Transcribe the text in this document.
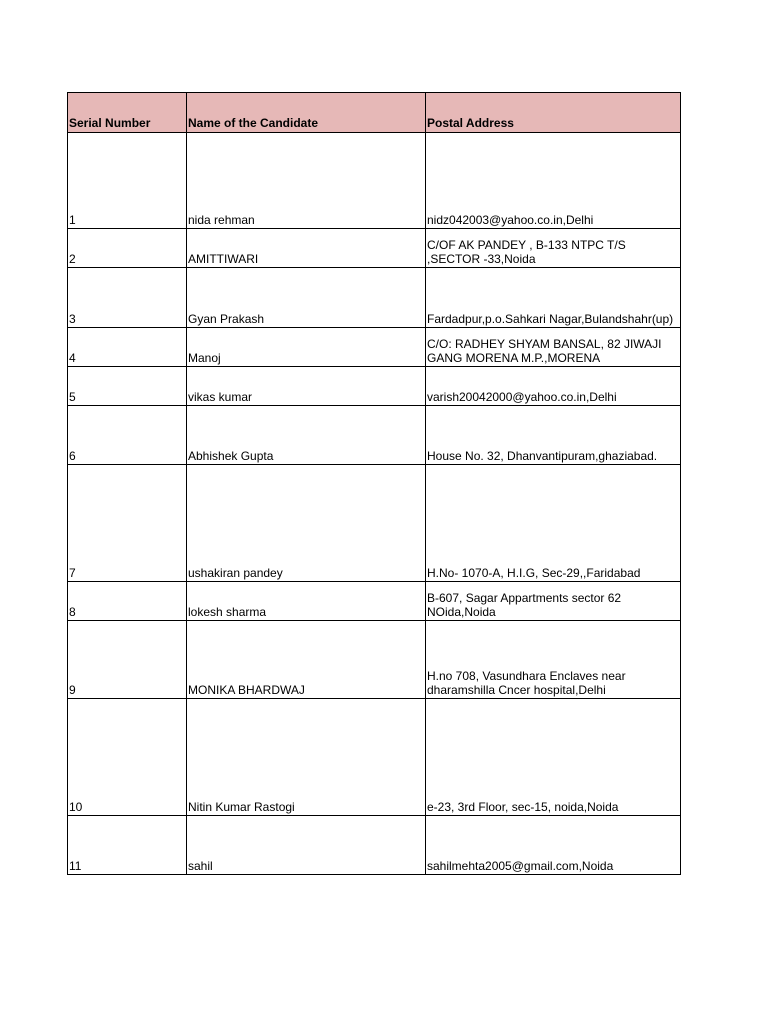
Serial Number	Name of the Candidate	Postal Address
1	nida rehman	nidz042003@yahoo.co.in,Delhi
2	AMITTIWARI	C/OF AK PANDEY , B-133 NTPC T/S ,SECTOR -33,Noida
3	Gyan Prakash	Fardadpur,p.o.Sahkari Nagar,Bulandshahr(up)
4	Manoj	C/O: RADHEY SHYAM BANSAL, 82 JIWAJI GANG MORENA M.P.,MORENA
5	vikas kumar	varish20042000@yahoo.co.in,Delhi
6	Abhishek Gupta	House No. 32, Dhanvantipuram,ghaziabad.
7	ushakiran pandey	H.No- 1070-A, H.I.G, Sec-29,,Faridabad
8	lokesh sharma	B-607, Sagar Appartments sector 62 NOida,Noida
9	MONIKA BHARDWAJ	H.no 708, Vasundhara Enclaves near dharamshilla Cncer hospital,Delhi
10	Nitin Kumar Rastogi	e-23, 3rd Floor, sec-15, noida,Noida
11	sahil	sahilmehta2005@gmail.com,Noida
